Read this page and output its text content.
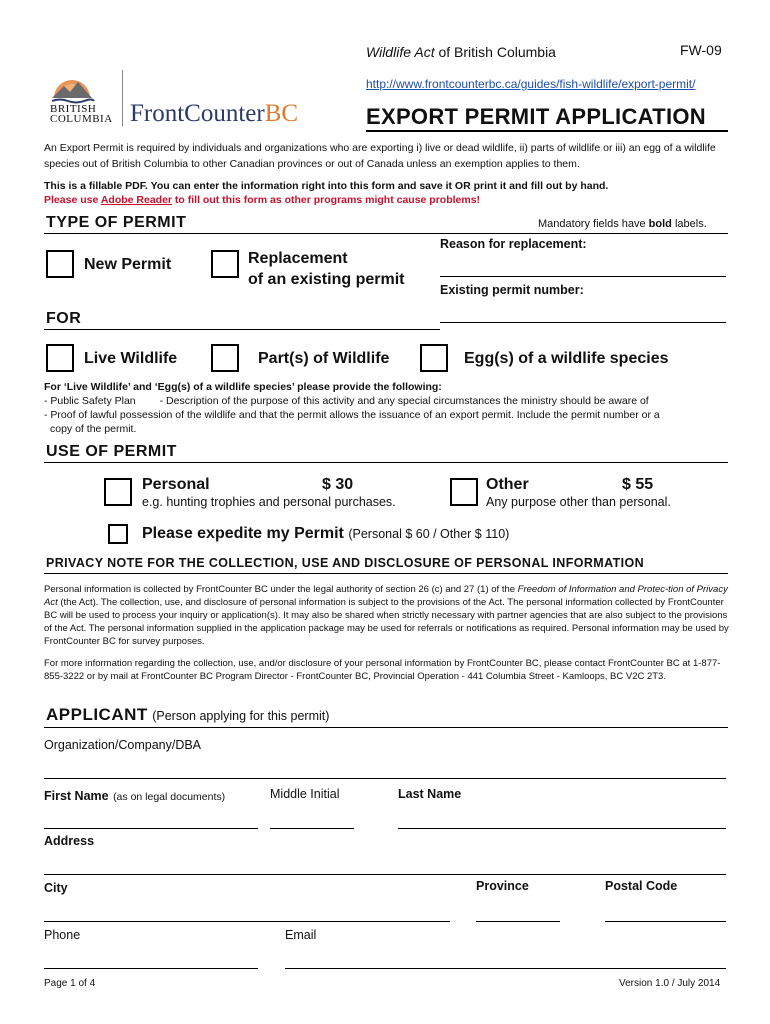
Wildlife Act of British Columbia	FW-09
http://www.frontcounterbc.ca/guides/fish-wildlife/export-permit/
BRITISH
COLUMBIA FrontCounterBC	EXPORT PERMIT APPLICATION
An Export Permit is required by individuals and organizations who are exporting i) live or dead wildlife, ii) parts of wildlife or iii) an egg of a wildlife species out of British Columbia to other Canadian provinces or out of Canada unless an exemption applies to them.
This is a fillable PDF. You can enter the information right into this form and save it OR print it and fill out by hand.
Please use Adobe Reader to fill out this form as other programs might cause problems!
TYPE OF PERMIT	Mandatory fields have bold labels.
New Permit	Replacement
of an existing permit
Reason for replacement:
Existing permit number:
FOR
Live Wildlife	Part(s) of Wildlife	Egg(s) of a wildlife species
For ‘Live Wildlife’ and ‘Egg(s) of a wildlife species’ please provide the following:
- Public Safety Plan - Description of the purpose of this activity and any special circumstances the ministry should be aware of
- Proof of lawful possession of the wildlife and that the permit allows the issuance of an export permit. Include the permit number or a
copy of the permit.
USE OF PERMIT
Personal	$ 30
e.g. hunting trophies and personal purchases.
Other	$ 55
Any purpose other than personal.
Please expedite my Permit (Personal $ 60 / Other $ 110)
PRIVACY NOTE FOR THE COLLECTION, USE AND DISCLOSURE OF PERSONAL INFORMATION
Personal information is collected by FrontCounter BC under the legal authority of section 26 (c) and 27 (1) of the Freedom of Information and Protec-tion of Privacy Act (the Act). The collection, use, and disclosure of personal information is subject to the provisions of the Act. The personal information collected by FrontCounter BC will be used to process your inquiry or application(s). It may also be shared when strictly necessary with partner agencies that are also subject to the provisions of the Act. The personal information supplied in the application package may be used for referrals or notifications as required. Personal information may be used by FrontCounter BC for survey purposes.
For more information regarding the collection, use, and/or disclosure of your personal information by FrontCounter BC, please contact FrontCounter BC at 1-877-855-3222 or by mail at FrontCounter BC Program Director - FrontCounter BC, Provincial Operation - 441 Columbia Street - Kamloops, BC V2C 2T3.
APPLICANT (Person applying for this permit)
Organization/Company/DBA
First Name (as on legal documents)	Middle Initial	Last Name
Address
City	Province	Postal Code
Phone	Email
Page 1 of 4	Version 1.0 / July 2014
